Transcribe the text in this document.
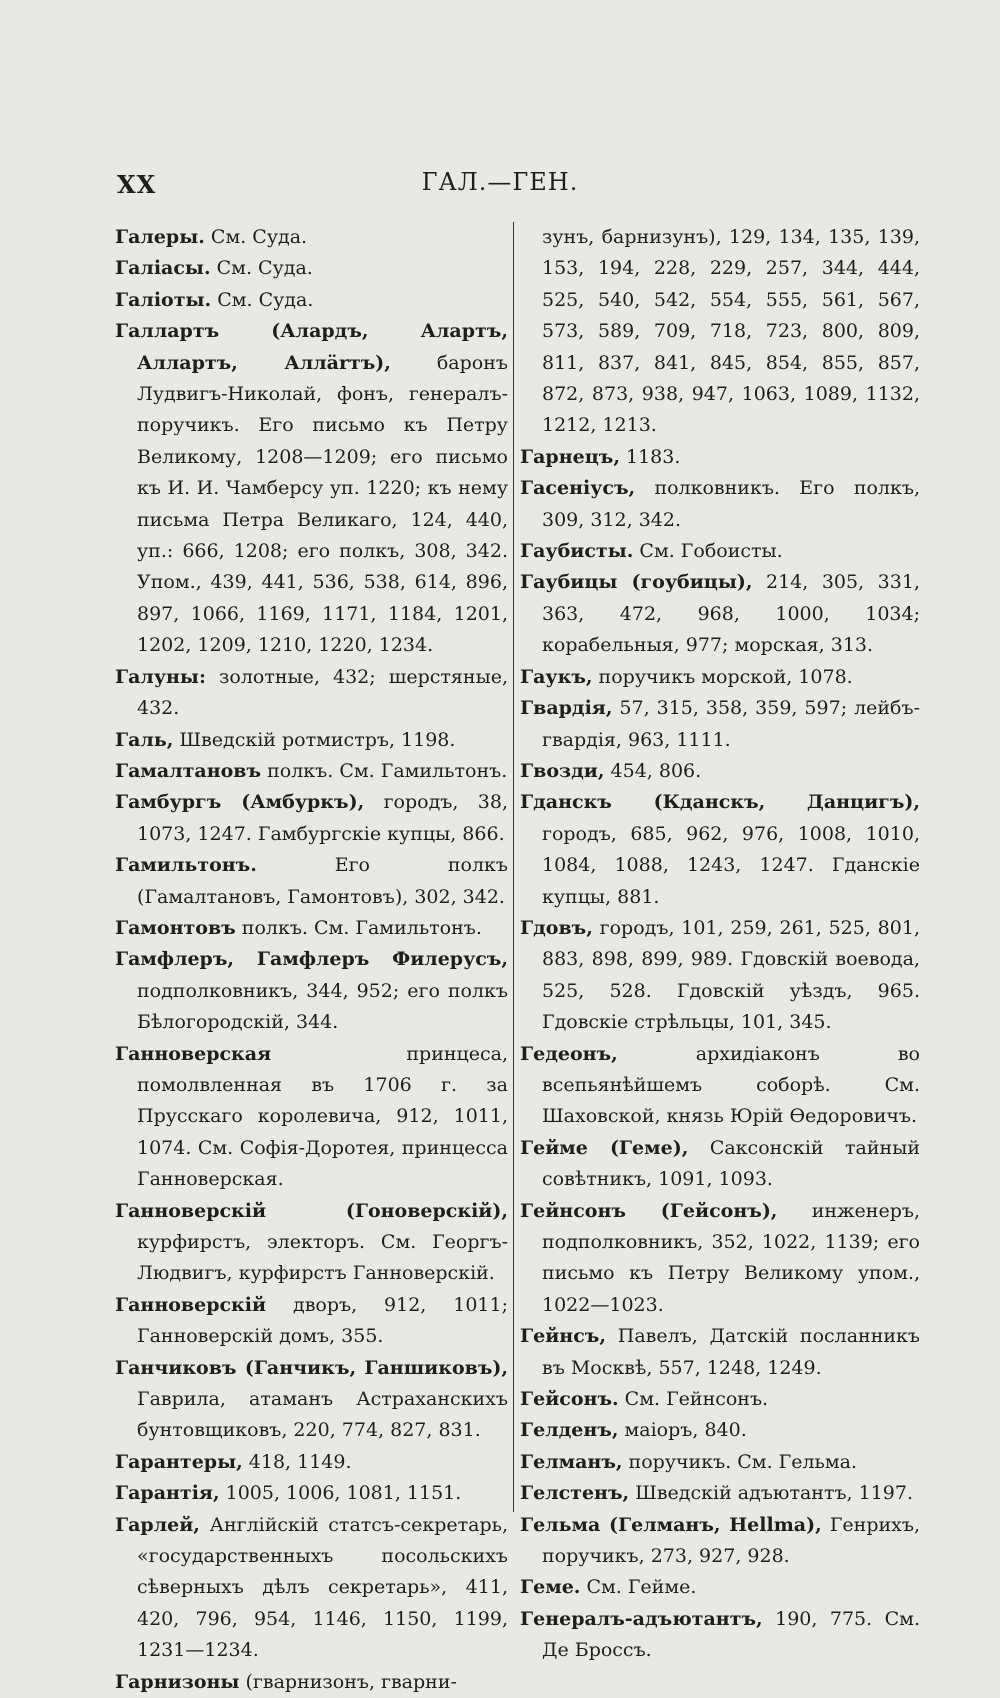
XX	ГАЛ.—ГЕН.

Галеры. См. Суда.

Галіасы. См. Суда.

Галіоты. См. Суда.

Галлартъ (Алардъ, Алартъ, Аллартъ, Аллärтъ), баронъ Лудвигъ-Николай, фонъ, генералъ-поручикъ. Его письмо къ Петру Великому, 1208—1209; его письмо къ И. И. Чамберсу уп. 1220; къ нему письма Петра Великаго, 124, 440, уп.: 666, 1208; его полкъ, 308, 342. Упом., 439, 441, 536, 538, 614, 896, 897, 1066, 1169, 1171, 1184, 1201, 1202, 1209, 1210, 1220, 1234.

Галуны: золотные, 432; шерстяные, 432.

Галь, Шведскій ротмистръ, 1198.

Гамалтановъ полкъ. См. Гамильтонъ.

Гамбургъ (Амбуркъ), городъ, 38, 1073, 1247. Гамбургскіе купцы, 866.

Гамильтонъ. Его полкъ (Гамалтановъ, Гамонтовъ), 302, 342.

Гамонтовъ полкъ. См. Гамильтонъ.

Гамфлеръ, Гамфлеръ Филерусъ, подполковникъ, 344, 952; его полкъ Бѣлогородскій, 344.

Ганноверская принцеса, помолвленная въ 1706 г. за Прусскаго королевича, 912, 1011, 1074. См. Софія-Доротея, принцесса Ганноверская.

Ганноверскій (Гоноверскій), курфирстъ, электоръ. См. Георгъ-Людвигъ, курфирстъ Ганноверскій.

Ганноверскій дворъ, 912, 1011; Ганноверскій домъ, 355.

Ганчиковъ (Ганчикъ, Ганшиковъ), Гаврила, атаманъ Астраханскихъ бунтовщиковъ, 220, 774, 827, 831.

Гарантеры, 418, 1149.

Гарантія, 1005, 1006, 1081, 1151.

Гарлей, Англійскій статсъ-секретарь, «государственныхъ посольскихъ сѣверныхъ дѣлъ секретарь», 411, 420, 796, 954, 1146, 1150, 1199, 1231—1234.

Гарнизоны (гварнизонъ, гварни-

зунъ, барнизунъ), 129, 134, 135, 139, 153, 194, 228, 229, 257, 344, 444, 525, 540, 542, 554, 555, 561, 567, 573, 589, 709, 718, 723, 800, 809, 811, 837, 841, 845, 854, 855, 857, 872, 873, 938, 947, 1063, 1089, 1132, 1212, 1213.

Гарнецъ, 1183.

Гасеніусъ, полковникъ. Его полкъ, 309, 312, 342.

Гаубисты. См. Гобоисты.

Гаубицы (гоубицы), 214, 305, 331, 363, 472, 968, 1000, 1034; корабельныя, 977; морская, 313.

Гаукъ, поручикъ морской, 1078.

Гвардія, 57, 315, 358, 359, 597; лейбъ-гвардія, 963, 1111.

Гвозди, 454, 806.

Гданскъ (Кданскъ, Данцигъ), городъ, 685, 962, 976, 1008, 1010, 1084, 1088, 1243, 1247. Гданскіе купцы, 881.

Гдовъ, городъ, 101, 259, 261, 525, 801, 883, 898, 899, 989. Гдовскій воевода, 525, 528. Гдовскій уѣздъ, 965. Гдовскіе стрѣльцы, 101, 345.

Гедеонъ, архидіаконъ во всепьянѣйшемъ соборѣ. См. Шаховской, князь Юрій Ѳедоровичъ.

Гейме (Геме), Саксонскій тайный совѣтникъ, 1091, 1093.

Гейнсонъ (Гейсонъ), инженеръ, подполковникъ, 352, 1022, 1139; его письмо къ Петру Великому упом., 1022—1023.

Гейнсъ, Павелъ, Датскій посланникъ въ Москвѣ, 557, 1248, 1249.

Гейсонъ. См. Гейнсонъ.

Гелденъ, маіоръ, 840.

Гелманъ, поручикъ. См. Гельма.

Гелстенъ, Шведскій адъютантъ, 1197.

Гельма (Гелманъ, Hellma), Генрихъ, поручикъ, 273, 927, 928.

Геме. См. Гейме.

Генералъ-адъютантъ, 190, 775. См. Де Броссъ.
